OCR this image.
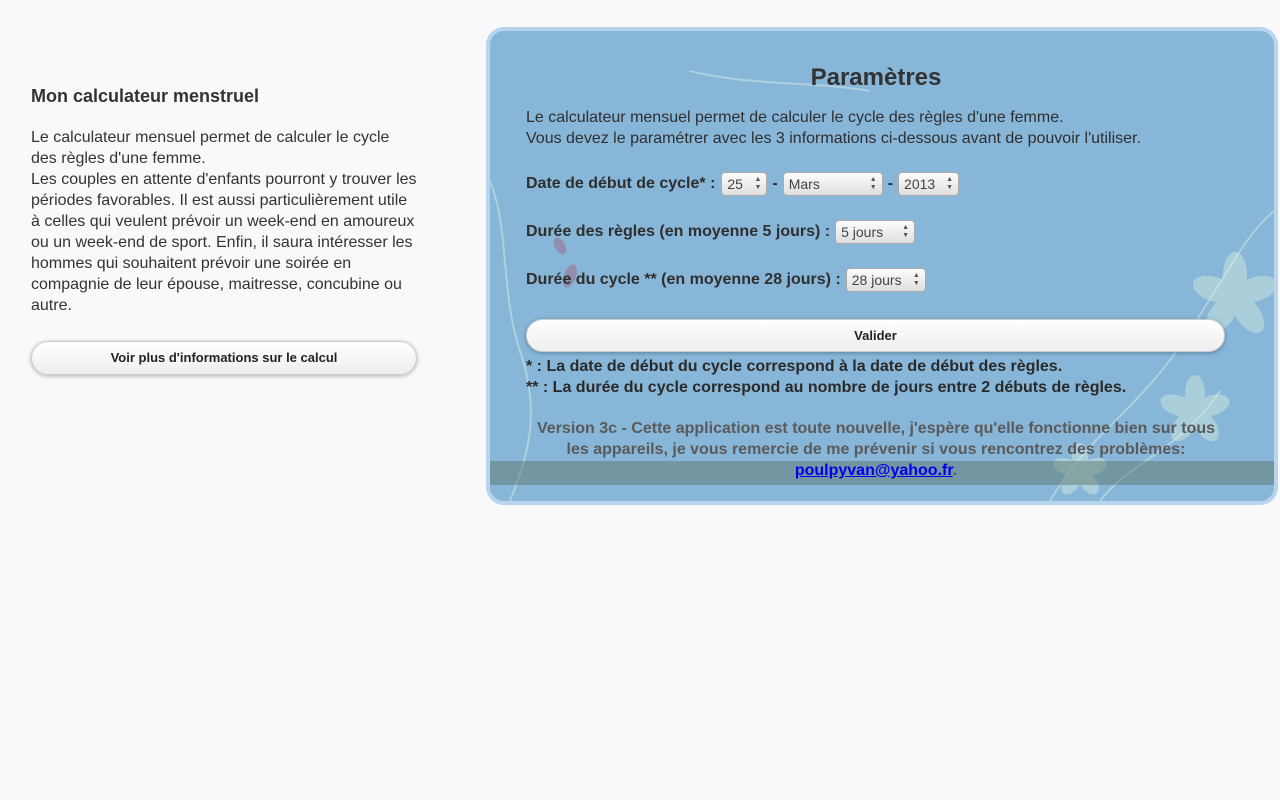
Mon calculateur menstruel

Le calculateur mensuel permet de calculer le cycle des règles d'une femme.
Les couples en attente d'enfants pourront y trouver les périodes favorables. Il est aussi particulièrement utile à celles qui veulent prévoir un week-end en amoureux ou un week-end de sport. Enfin, il saura intéresser les hommes qui souhaitent prévoir une soirée en compagnie de leur épouse, maitresse, concubine ou autre.

Voir plus d'informations sur le calcul
Paramètres

Le calculateur mensuel permet de calculer le cycle des règles d'une femme.
Vous devez le paramétrer avec les 3 informations ci-dessous avant de pouvoir l'utiliser.

Date de début de cycle* : 25 ▲
▼ - Mars	▲
▼ - 2013 ▲
▼
Durée des règles (en moyenne 5 jours) : 5 jours	▲
▼
Durée du cycle ** (en moyenne 28 jours) : 28 jours ▲
▼
Valider
* : La date de début du cycle correspond à la date de début des règles.
** : La durée du cycle correspond au nombre de jours entre 2 débuts de règles.
Version 3c - Cette application est toute nouvelle, j'espère qu'elle fonctionne bien sur tous les appareils, je vous remercie de me prévenir si vous rencontrez des problèmes:
poulpyvan@yahoo.fr.
